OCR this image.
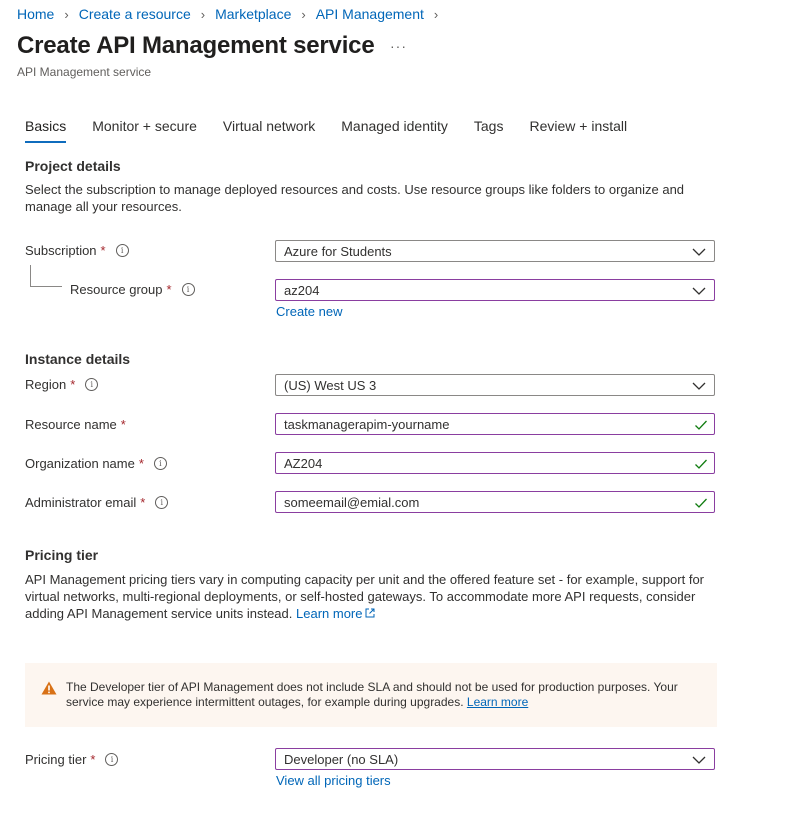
Home › Create a resource › Marketplace › API Management ›
Create API Management service ···
API Management service
Basics Monitor + secure Virtual network Managed identity Tags Review + install
Project details
Select the subscription to manage deployed resources and costs. Use resource groups like folders to organize and manage all your resources.
Subscription *	i	Azure for Students
Resource group *	i	az204
Create new
Instance details
Region *	i	(US) West US 3
Resource name *	taskmanagerapim-yourname
Organization name *	i	AZ204
Administrator email *	i	someemail@emial.com
Pricing tier
API Management pricing tiers vary in computing capacity per unit and the offered feature set - for example, support for virtual networks, multi-regional deployments, or self-hosted gateways. To accommodate more API requests, consider adding API Management service units instead. Learn more
The Developer tier of API Management does not include SLA and should not be used for production purposes. Your service may experience intermittent outages, for example during upgrades. Learn more
Pricing tier *	i	Developer (no SLA)
View all pricing tiers
